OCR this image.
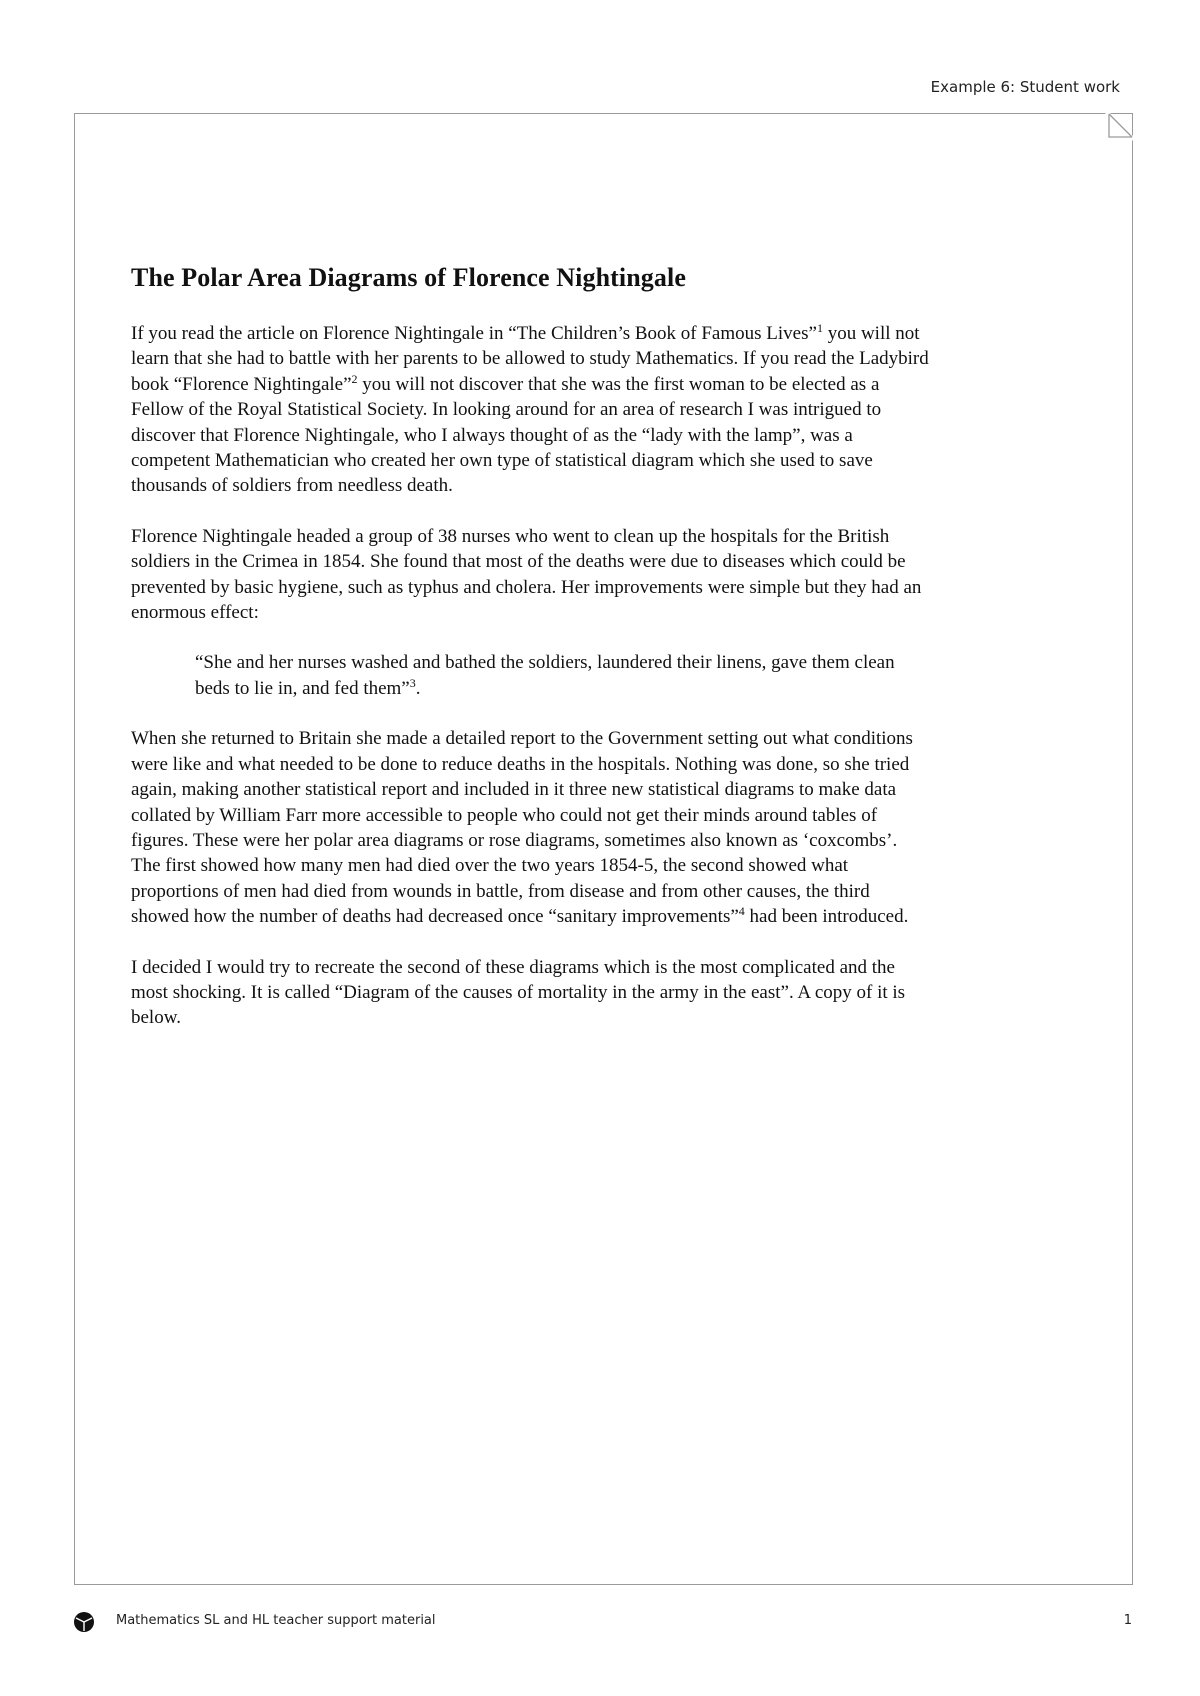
Example 6: Student work
The Polar Area Diagrams of Florence Nightingale

If you read the article on Florence Nightingale in “The Children’s Book of Famous Lives”$^1$ you will not learn that she had to battle with her parents to be allowed to study Mathematics. If you read the Ladybird book “Florence Nightingale”$^2$ you will not discover that she was the first woman to be elected as a Fellow of the Royal Statistical Society. In looking around for an area of research I was intrigued to discover that Florence Nightingale, who I always thought of as the “lady with the lamp”, was a competent Mathematician who created her own type of statistical diagram which she used to save thousands of soldiers from needless death.

Florence Nightingale headed a group of 38 nurses who went to clean up the hospitals for the British soldiers in the Crimea in 1854. She found that most of the deaths were due to diseases which could be prevented by basic hygiene, such as typhus and cholera. Her improvements were simple but they had an enormous effect:

“She and her nurses washed and bathed the soldiers, laundered their linens, gave them clean beds to lie in, and fed them”$^3$.

When she returned to Britain she made a detailed report to the Government setting out what conditions were like and what needed to be done to reduce deaths in the hospitals. Nothing was done, so she tried again, making another statistical report and included in it three new statistical diagrams to make data collated by William Farr more accessible to people who could not get their minds around tables of figures. These were her polar area diagrams or rose diagrams, sometimes also known as ‘coxcombs’. The first showed how many men had died over the two years 1854-5, the second showed what proportions of men had died from wounds in battle, from disease and from other causes, the third showed how the number of deaths had decreased once “sanitary improvements”$^4$ had been introduced.

I decided I would try to recreate the second of these diagrams which is the most complicated and the most shocking. It is called “Diagram of the causes of mortality in the army in the east”. A copy of it is below.

Mathematics SL and HL teacher support material	1
